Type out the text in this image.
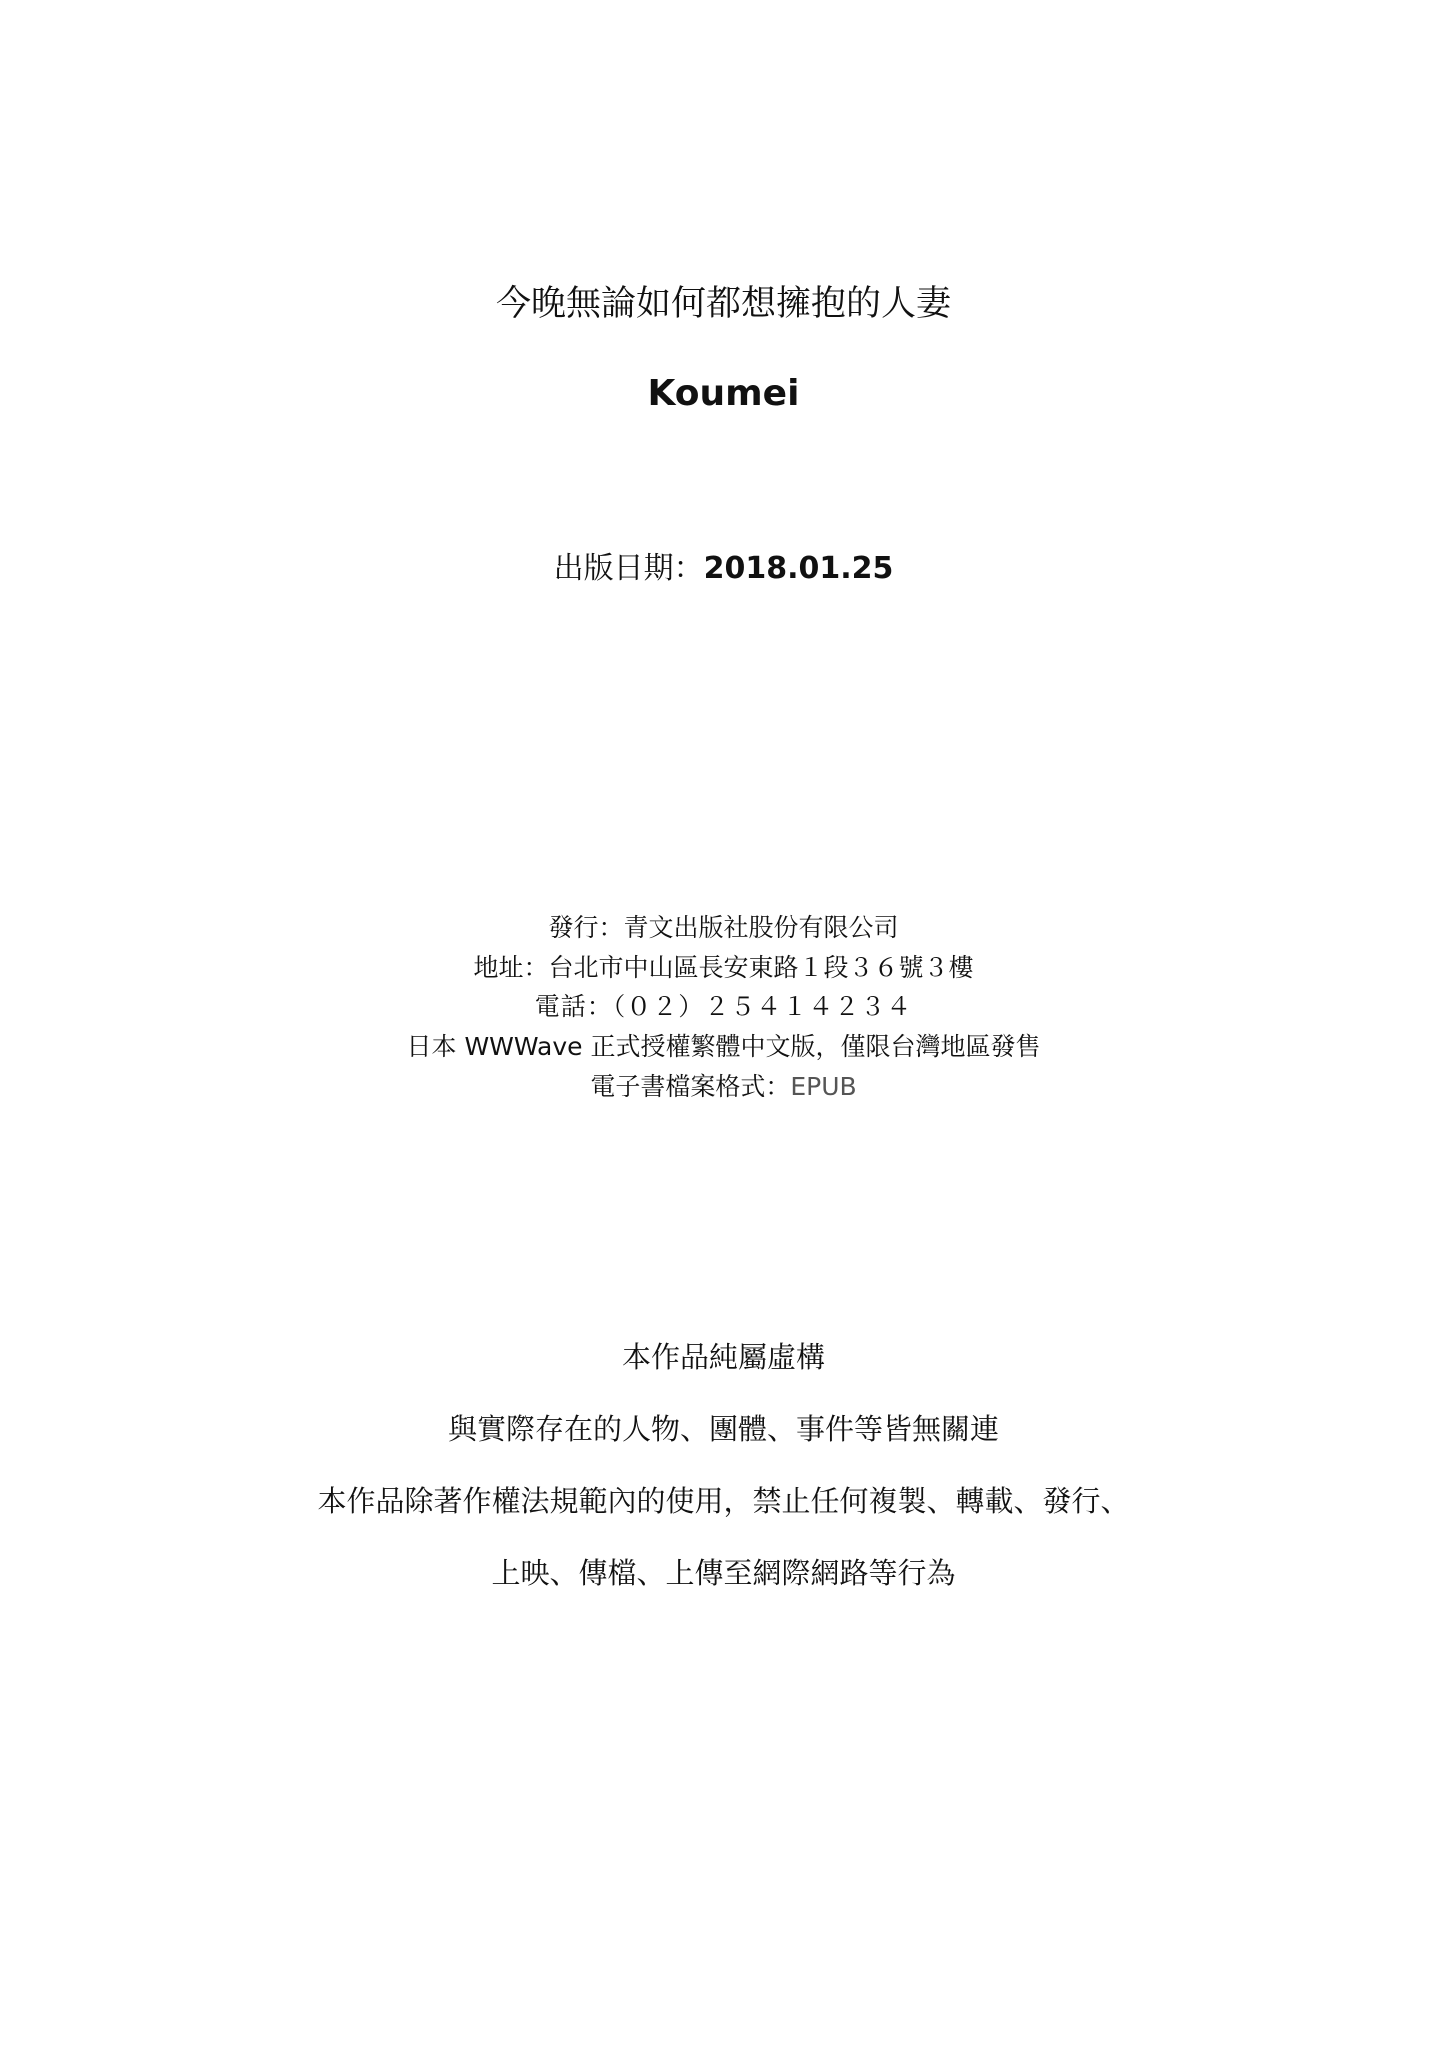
今晚無論如何都想擁抱的人妻
Koumei
出版日期：2018.01.25
發行：青文出版社股份有限公司
地址：台北市中山區長安東路１段３６號３樓
電話：（０２）２５４１４２３４
日本 WWWave 正式授權繁體中文版，僅限台灣地區發售
電子書檔案格式：EPUB
本作品純屬虛構
與實際存在的人物、團體、事件等皆無關連
本作品除著作權法規範內的使用，禁止任何複製、轉載、發行、
上映、傳檔、上傳至網際網路等行為
